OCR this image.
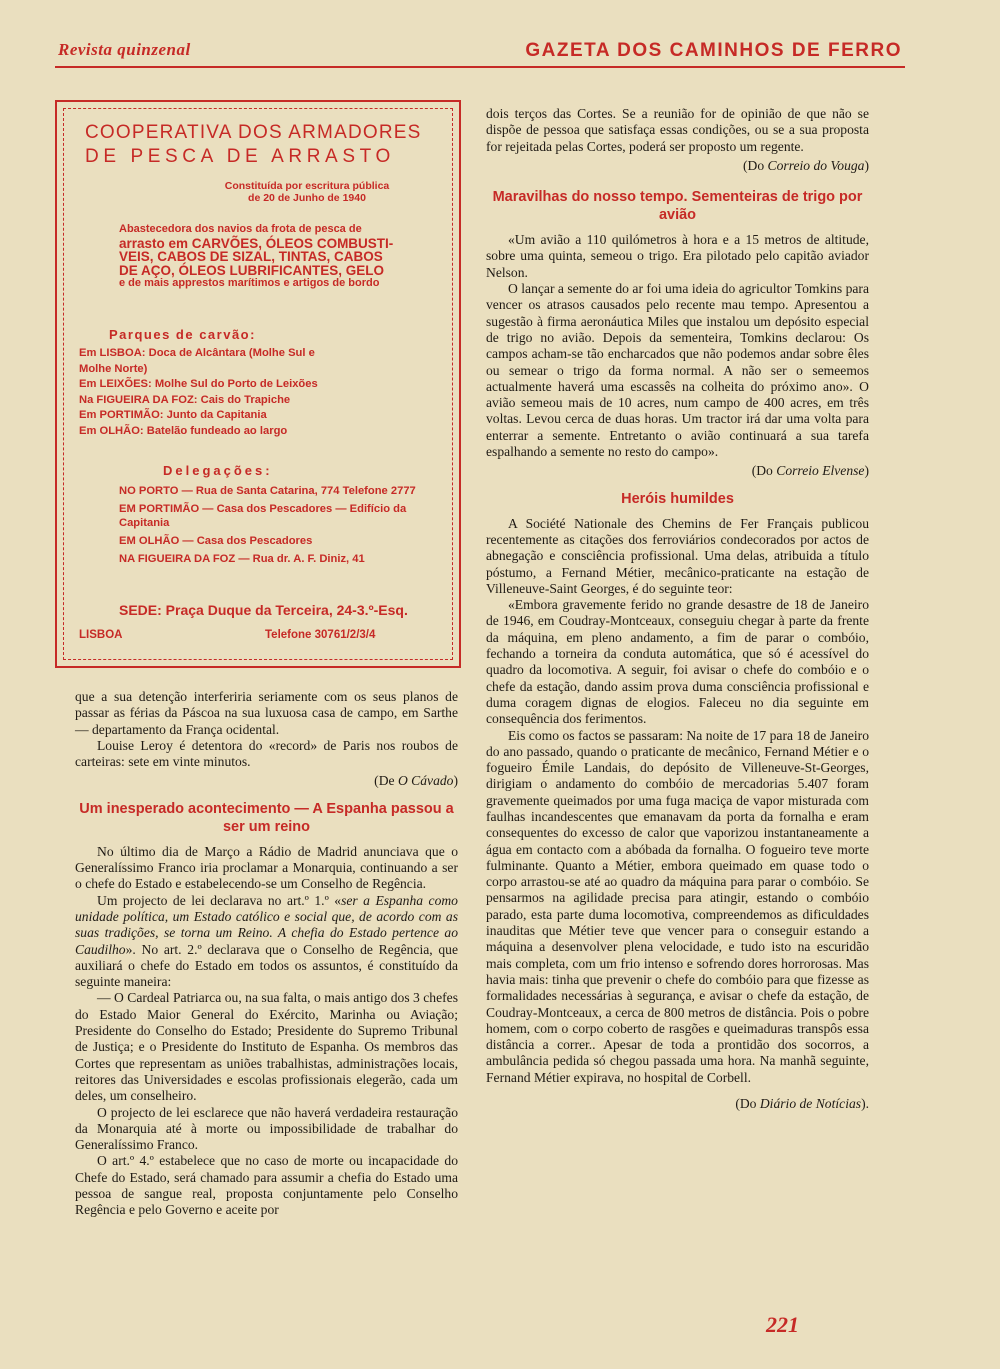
Revista quinzenal	GAZETA DOS CAMINHOS DE FERRO
COOPERATIVA DOS ARMADORES
DE PESCA DE ARRASTO
Constituída por escritura pública
de 20 de Junho de 1940
Abastecedora dos navios da frota de pesca de
arrasto em CARVÕES, ÓLEOS COMBUSTI-
VEIS, CABOS DE SIZAL, TINTAS, CABOS
DE AÇO, ÓLEOS LUBRIFICANTES, GELO
e de mais apprestos marítimos e artigos de bordo
Parques de carvão:
Em LISBOA: Doca de Alcântara (Molhe Sul e
Molhe Norte)
Em LEIXÕES: Molhe Sul do Porto de Leixões
Na FIGUEIRA DA FOZ: Cais do Trapiche
Em PORTIMÃO: Junto da Capitania
Em OLHÃO: Batelão fundeado ao largo
Delegações:
NO PORTO — Rua de Santa Catarina, 774 Telefone 2777
EM PORTIMÃO — Casa dos Pescadores — Edifício da Capitania
EM OLHÃO — Casa dos Pescadores
NA FIGUEIRA DA FOZ — Rua dr. A. F. Diniz, 41
SEDE: Praça Duque da Terceira, 24-3.º-Esq.
LISBOA	Telefone 30761/2/3/4

que a sua detenção interferiria seriamente com os seus planos de passar as férias da Páscoa na sua luxuosa casa de campo, em Sarthe — departamento da França ocidental.

Louise Leroy é detentora do «record» de Paris nos roubos de carteiras: sete em vinte minutos.

(De O Cávado)
Um inesperado acontecimento — A Espanha passou a ser um reino

No último dia de Março a Rádio de Madrid anunciava que o Generalíssimo Franco iria proclamar a Monarquia, continuando a ser o chefe do Estado e estabelecendo-se um Conselho de Regência.

Um projecto de lei declarava no art.º 1.º «ser a Espanha como unidade política, um Estado católico e social que, de acordo com as suas tradições, se torna um Reino. A chefia do Estado pertence ao Caudilho». No art. 2.º declarava que o Conselho de Regência, que auxiliará o chefe do Estado em todos os assuntos, é constituído da seguinte maneira:

— O Cardeal Patriarca ou, na sua falta, o mais antigo dos 3 chefes do Estado Maior General do Exército, Marinha ou Aviação; Presidente do Conselho do Estado; Presidente do Supremo Tribunal de Justiça; e o Presidente do Instituto de Espanha. Os membros das Cortes que representam as uniões trabalhistas, administrações locais, reitores das Universidades e escolas profissionais elegerão, cada um deles, um conselheiro.

O projecto de lei esclarece que não haverá verdadeira restauração da Monarquia até à morte ou impossibilidade de trabalhar do Generalíssimo Franco.

O art.º 4.º estabelece que no caso de morte ou incapacidade do Chefe do Estado, será chamado para assumir a chefia do Estado uma pessoa de sangue real, proposta conjuntamente pelo Conselho Regência e pelo Governo e aceite por

dois terços das Cortes. Se a reunião for de opinião de que não se dispõe de pessoa que satisfaça essas condições, ou se a sua proposta for rejeitada pelas Cortes, poderá ser proposto um regente.

(Do Correio do Vouga)
Maravilhas do nosso tempo. Sementeiras de trigo por avião

«Um avião a 110 quilómetros à hora e a 15 metros de altitude, sobre uma quinta, semeou o trigo. Era pilotado pelo capitão aviador Nelson.

O lançar a semente do ar foi uma ideia do agricultor Tomkins para vencer os atrasos causados pelo recente mau tempo. Apresentou a sugestão à firma aeronáutica Miles que instalou um depósito especial de trigo no avião. Depois da sementeira, Tomkins declarou: Os campos acham-se tão encharcados que não podemos andar sobre êles ou semear o trigo da forma normal. A não ser o semeemos actualmente haverá uma escassês na colheita do próximo ano». O avião semeou mais de 10 acres, num campo de 400 acres, em três voltas. Levou cerca de duas horas. Um tractor irá dar uma volta para enterrar a semente. Entretanto o avião continuará a sua tarefa espalhando a semente no resto do campo».

(Do Correio Elvense)
Heróis humildes

A Société Nationale des Chemins de Fer Français publicou recentemente as citações dos ferroviários condecorados por actos de abnegação e consciência profissional. Uma delas, atribuida a título póstumo, a Fernand Métier, mecânico-praticante na estação de Villeneuve-Saint Georges, é do seguinte teor:

«Embora gravemente ferido no grande desastre de 18 de Janeiro de 1946, em Coudray-Montceaux, conseguiu chegar à parte da frente da máquina, em pleno andamento, a fim de parar o combóio, fechando a torneira da conduta automática, que só é acessível do quadro da locomotiva. A seguir, foi avisar o chefe do combóio e o chefe da estação, dando assim prova duma consciência profissional e duma coragem dignas de elogios. Faleceu no dia seguinte em consequência dos ferimentos.

Eis como os factos se passaram: Na noite de 17 para 18 de Janeiro do ano passado, quando o praticante de mecânico, Fernand Métier e o fogueiro Émile Landais, do depósito de Villeneuve-St-Georges, dirigiam o andamento do combóio de mercadorias 5.407 foram gravemente queimados por uma fuga maciça de vapor misturada com faulhas incandescentes que emanavam da porta da fornalha e eram consequentes do excesso de calor que vaporizou instantaneamente a água em contacto com a abóbada da fornalha. O fogueiro teve morte fulminante. Quanto a Métier, embora queimado em quase todo o corpo arrastou-se até ao quadro da máquina para parar o combóio. Se pensarmos na agilidade precisa para atingir, estando o combóio parado, esta parte duma locomotiva, compreendemos as dificuldades inauditas que Métier teve que vencer para o conseguir estando a máquina a desenvolver plena velocidade, e tudo isto na escuridão mais completa, com um frio intenso e sofrendo dores horrorosas. Mas havia mais: tinha que prevenir o chefe do combóio para que fizesse as formalidades necessárias à segurança, e avisar o chefe da estação, de Coudray-Montceaux, a cerca de 800 metros de distância. Pois o pobre homem, com o corpo coberto de rasgões e queimaduras transpôs essa distância a correr.. Apesar de toda a prontidão dos socorros, a ambulância pedida só chegou passada uma hora. Na manhã seguinte, Fernand Métier expirava, no hospital de Corbell.

(Do Diário de Notícias).
221
